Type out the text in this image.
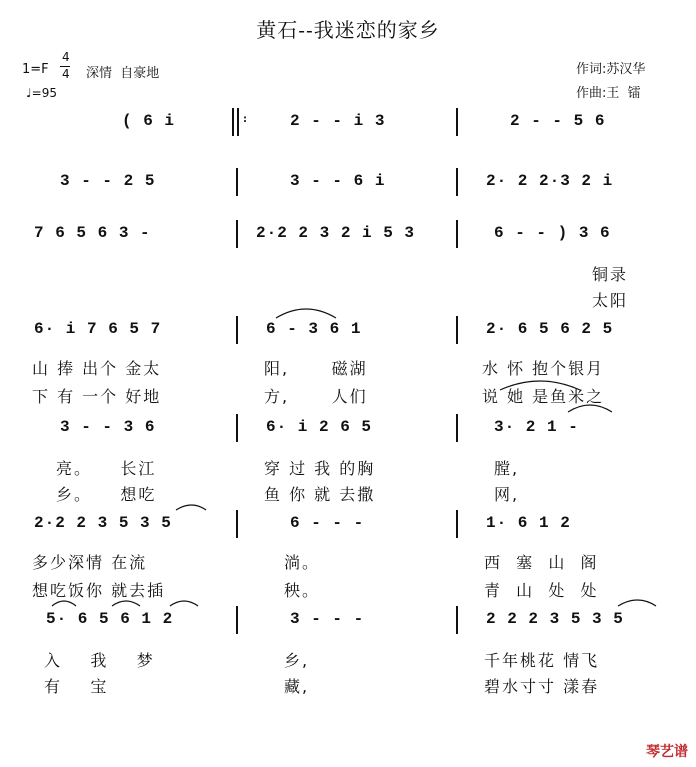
黄石--我迷恋的家乡
1=F
4
4 深情  自豪地
♩=95
作词:苏汉华
作曲:王  镭
:
( 6 i	2 - - i 3	2 - - 5 6
3 - - 2 5	3 - - 6 i	2· 2 2·3 2 i
7 6 5 6 3 -	2·2 2 3 2 i 5 3	6 - - ) 3 6
铜录
太阳
6· i 7 6 5 7	6 - 3 6 1	2· 6 5 6 2 5
山 捧 出个 金太	阳,      磁湖	水 怀 抱个银月
下 有 一个 好地	方,      人们	说 她 是鱼米之
3 - - 3 6	6· i 2 6 5	3· 2 1 -
亮。    长江	穿 过 我 的胸	膛,
乡。    想吃	鱼 你 就 去撒	网,
2·2 2 3 5 3 5	6 - - -	1· 6 1 2
多少深情 在流	淌。	西  塞  山  阁
想吃饭你 就去插	秧。	青  山  处  处
5· 6 5 6 1 2	3 - - -	2 2 2 3 5 3 5
入    我    梦	乡,	千年桃花 情飞
有    宝	藏,	碧水寸寸 漾春
琴艺谱
